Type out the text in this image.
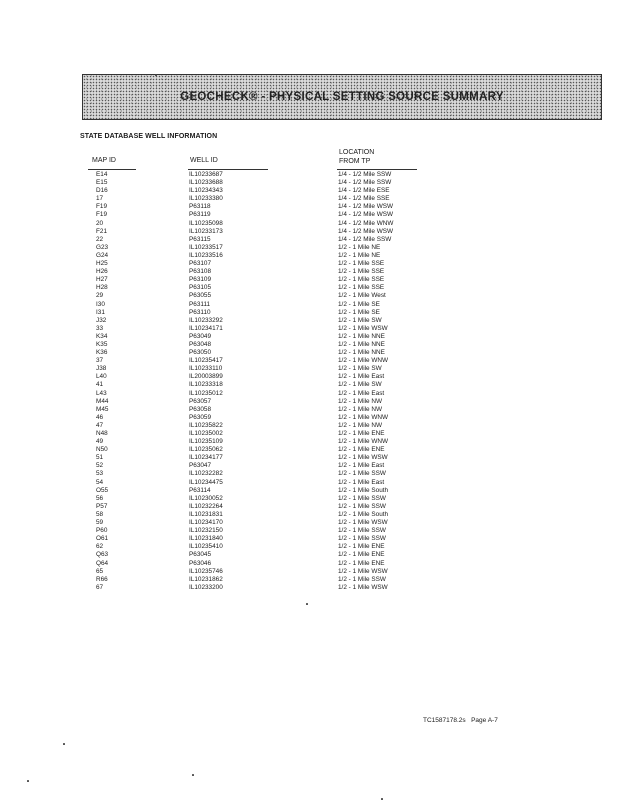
GEOCHECK® - PHYSICAL SETTING SOURCE SUMMARY
STATE DATABASE WELL INFORMATION
MAP ID	WELL ID
LOCATION
FROM TP
E14	IL10233687	1/4 - 1/2 Mile SSW
E15	IL10233688	1/4 - 1/2 Mile SSW
D16	IL10234343	1/4 - 1/2 Mile ESE
17	IL10233380	1/4 - 1/2 Mile SSE
F19	P63118	1/4 - 1/2 Mile WSW
F19	P63119	1/4 - 1/2 Mile WSW
20	IL10235098	1/4 - 1/2 Mile WNW
F21	IL10233173	1/4 - 1/2 Mile WSW
22	P63115	1/4 - 1/2 Mile SSW
G23	IL10233517	1/2 - 1 Mile NE
G24	IL10233516	1/2 - 1 Mile NE
H25	P63107	1/2 - 1 Mile SSE
H26	P63108	1/2 - 1 Mile SSE
H27	P63109	1/2 - 1 Mile SSE
H28	P63105	1/2 - 1 Mile SSE
29	P63055	1/2 - 1 Mile West
I30	P63111	1/2 - 1 Mile SE
I31	P63110	1/2 - 1 Mile SE
J32	IL10233292	1/2 - 1 Mile SW
33	IL10234171	1/2 - 1 Mile WSW
K34	P63049	1/2 - 1 Mile NNE
K35	P63048	1/2 - 1 Mile NNE
K36	P63050	1/2 - 1 Mile NNE
37	IL10235417	1/2 - 1 Mile WNW
J38	IL10233110	1/2 - 1 Mile SW
L40	IL20003899	1/2 - 1 Mile East
41	IL10233318	1/2 - 1 Mile SW
L43	IL10235012	1/2 - 1 Mile East
M44	P63057	1/2 - 1 Mile NW
M45	P63058	1/2 - 1 Mile NW
46	P63059	1/2 - 1 Mile WNW
47	IL10235822	1/2 - 1 Mile NW
N48	IL10235002	1/2 - 1 Mile ENE
49	IL10235109	1/2 - 1 Mile WNW
N50	IL10235062	1/2 - 1 Mile ENE
51	IL10234177	1/2 - 1 Mile WSW
52	P63047	1/2 - 1 Mile East
53	IL10232282	1/2 - 1 Mile SSW
54	IL10234475	1/2 - 1 Mile East
O55	P63114	1/2 - 1 Mile South
56	IL10230052	1/2 - 1 Mile SSW
P57	IL10232264	1/2 - 1 Mile SSW
58	IL10231831	1/2 - 1 Mile South
59	IL10234170	1/2 - 1 Mile WSW
P60	IL10232150	1/2 - 1 Mile SSW
O61	IL10231840	1/2 - 1 Mile SSW
62	IL10235410	1/2 - 1 Mile ENE
Q63	P63045	1/2 - 1 Mile ENE
Q64	P63046	1/2 - 1 Mile ENE
65	IL10235746	1/2 - 1 Mile WSW
R66	IL10231862	1/2 - 1 Mile SSW
67	IL10233200	1/2 - 1 Mile WSW
TC1587178.2s Page A-7
